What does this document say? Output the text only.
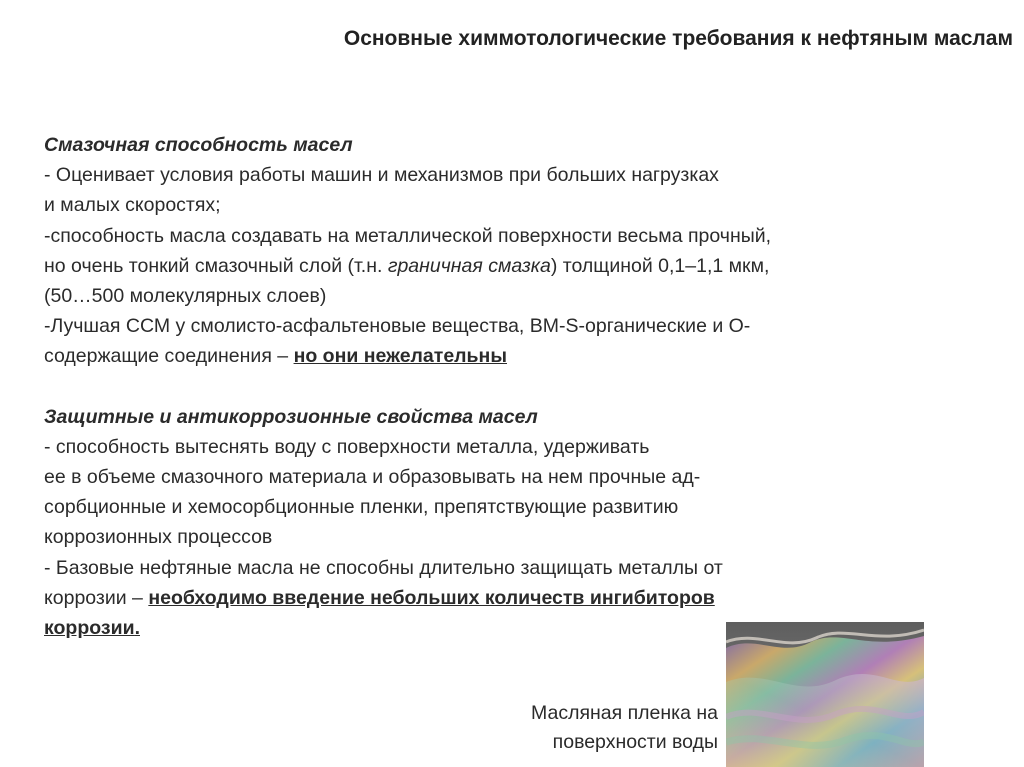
Основные химмотологические требования к нефтяным маслам
Смазочная способность масел
- Оценивает условия работы машин и механизмов при больших нагрузках
и малых скоростях;
-способность масла создавать на металлической поверхности весьма прочный,
но очень тонкий смазочный слой (т.н. граничная смазка) толщиной 0,1–1,1 мкм,
(50…500 молекулярных слоев)
-Лучшая ССМ у смолисто-асфальтеновые вещества, ВМ-S-органические и О-
содержащие соединения – но они нежелательны
Защитные и антикоррозионные свойства масел
- способность вытеснять воду с поверхности металла, удерживать
ее в объеме смазочного материала и образовывать на нем прочные ад-
сорбционные и хемосорбционные пленки, препятствующие развитию
коррозионных процессов
- Базовые нефтяные масла не способны длительно защищать металлы от
коррозии – необходимо введение небольших количеств ингибиторов
коррозии.
Масляная пленка на
поверхности воды
